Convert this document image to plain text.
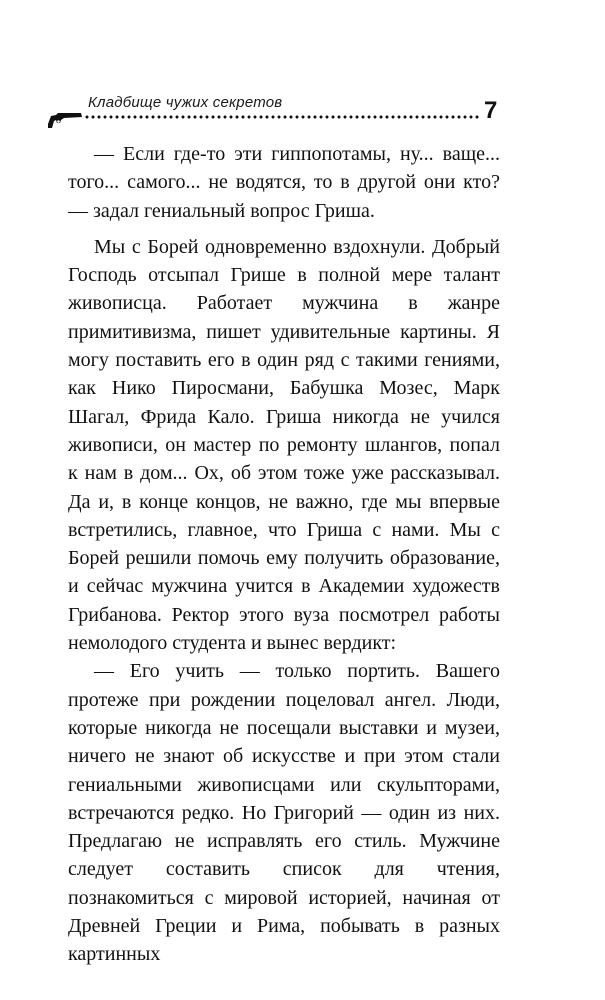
Кладбище чужих секретов	7

— Если где-то эти гиппопотамы, ну... ваще... того... самого... не водятся, то в другой они кто? — задал гениальный вопрос Гриша.

Мы с Борей одновременно вздохнули. Добрый Господь отсыпал Грише в полной мере талант живописца. Работает мужчина в жанре примитивизма, пишет удивительные картины. Я могу поставить его в один ряд с такими гениями, как Нико Пиросмани, Бабушка Мозес, Марк Шагал, Фрида Кало. Гриша никогда не учился живописи, он мастер по ремонту шлангов, попал к нам в дом... Ох, об этом тоже уже рассказывал. Да и, в конце концов, не важно, где мы впервые встретились, главное, что Гриша с нами. Мы с Борей решили помочь ему получить образование, и сейчас мужчина учится в Академии художеств Грибанова. Ректор этого вуза посмотрел работы немолодого студента и вынес вердикт:

— Его учить — только портить. Вашего протеже при рождении поцеловал ангел. Люди, которые никогда не посещали выставки и музеи, ничего не знают об искусстве и при этом стали гениальными живописцами или скульпторами, встречаются редко. Но Григорий — один из них. Предлагаю не исправлять его стиль. Мужчине следует составить список для чтения, познакомиться с мировой историей, начиная от Древней Греции и Рима, побывать в разных картинных
